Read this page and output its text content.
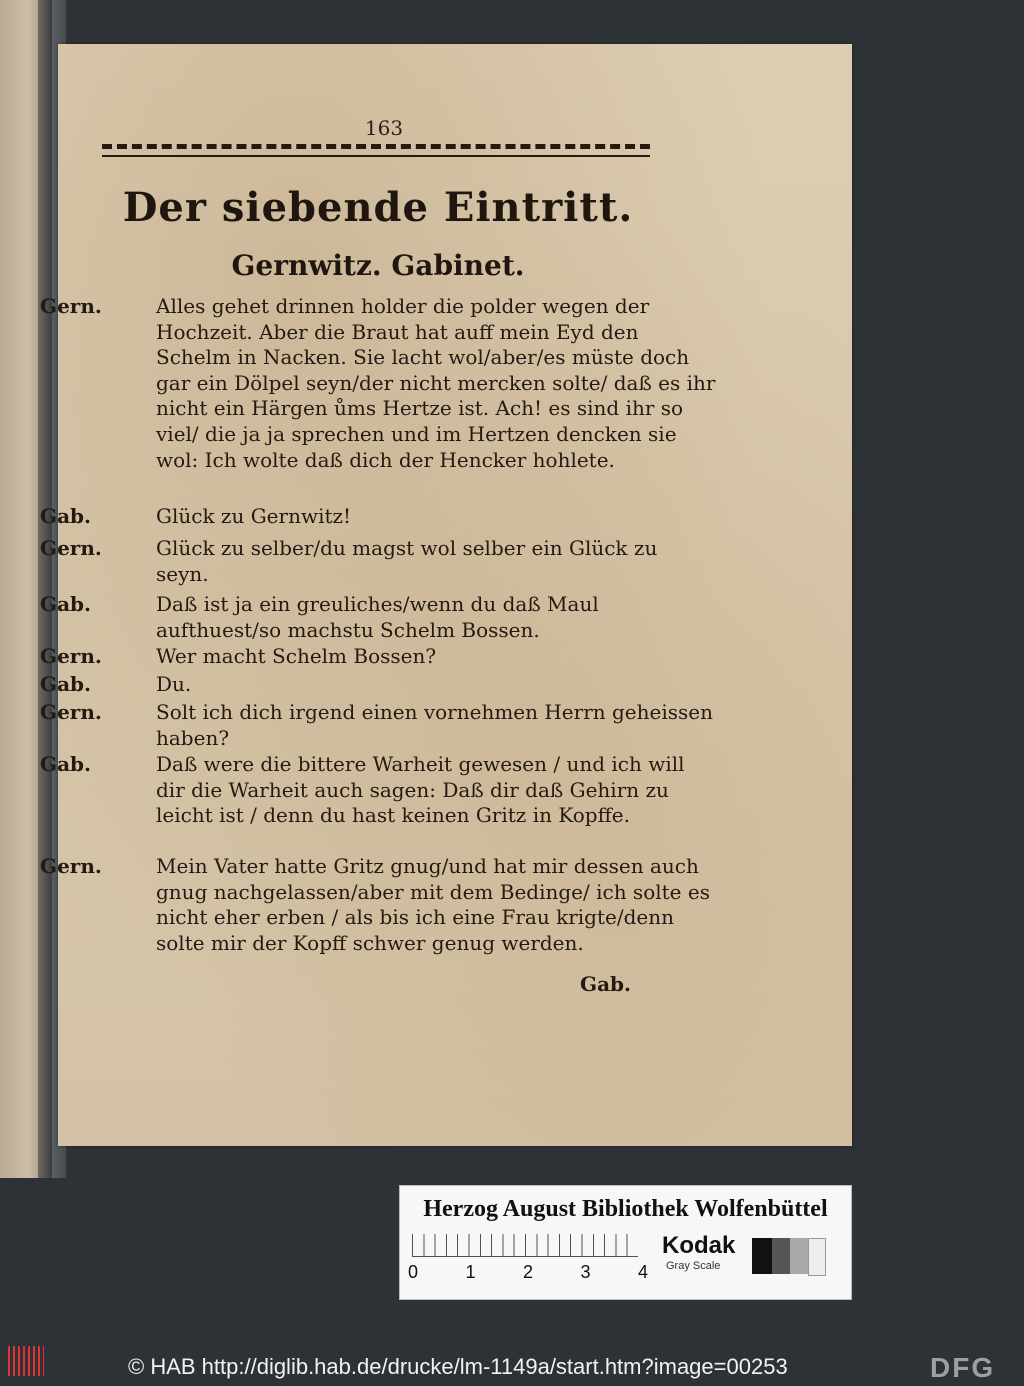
163
Der siebende Eintritt.
Gernwitz. Gabinet.
Gern.	Alles gehet drinnen holder die polder wegen der Hochzeit. Aber die Braut hat auff mein Eyd den Schelm in Nacken. Sie lacht wol/aber/es müste doch gar ein Dölpel seyn/der nicht mercken solte/ daß es ihr nicht ein Härgen ůms Hertze ist. Ach! es sind ihr so viel/ die ja ja sprechen und im Hertzen dencken sie wol: Ich wolte daß dich der Hencker hohlete.
Gab.	Glück zu Gernwitz!
Gern.	Glück zu selber/du magst wol selber ein Glück zu seyn.
Gab.	Daß ist ja ein greuliches/wenn du daß Maul aufthuest/so machstu Schelm Bossen.
Gern.	Wer macht Schelm Bossen?
Gab.	Du.
Gern.	Solt ich dich irgend einen vornehmen Herrn geheissen haben?
Gab.	Daß were die bittere Warheit gewesen / und ich will dir die Warheit auch sagen: Daß dir daß Gehirn zu leicht ist / denn du hast keinen Gritz in Kopffe.
Gern.	Mein Vater hatte Gritz gnug/und hat mir dessen auch gnug nachgelassen/aber mit dem Bedinge/ ich solte es nicht eher erben / als bis ich eine Frau krigte/denn solte mir der Kopff schwer genug werden.
Gab.
Herzog August Bibliothek Wolfenbüttel
0	1	2	3	4
Kodak
Gray Scale
© HAB http://diglib.hab.de/drucke/lm-1149a/start.htm?image=00253	DFG
